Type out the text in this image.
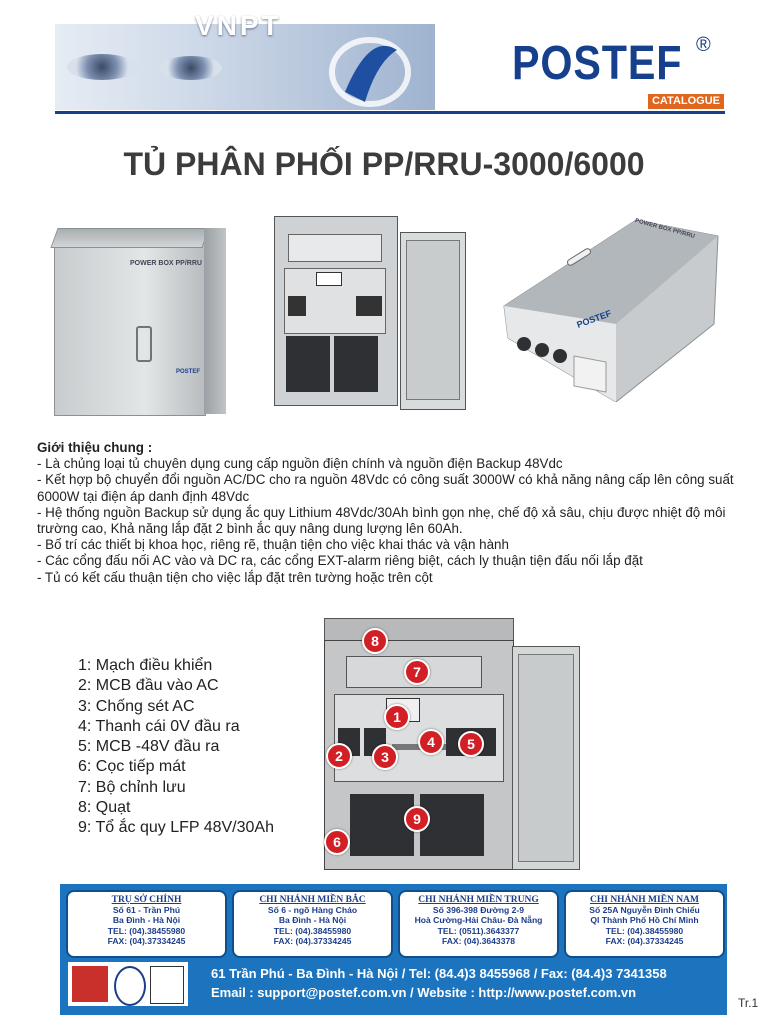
VNPT
POSTEF ®
CATALOGUE
TỦ PHÂN PHỐI PP/RRU-3000/6000
POWER BOX PP/RRU
POSTEF
POWER BOX PP/RRU
POSTEF
Giới thiệu chung :
- Là chủng loại tủ chuyên dụng cung cấp nguồn điện chính và nguồn điện Backup 48Vdc
- Kết hợp bộ chuyển đổi nguồn AC/DC cho ra nguồn 48Vdc có công suất 3000W có khả năng nâng cấp lên công suất 6000W tại điện áp danh định 48Vdc
- Hệ thống nguồn Backup sử dụng ắc quy Lithium 48Vdc/30Ah bình gọn nhẹ, chế độ xả sâu, chịu được nhiệt độ môi trường cao, Khả năng lắp đặt 2 bình ắc quy nâng dung lượng lên 60Ah.
- Bố trí các thiết bị khoa học, riêng rẽ, thuận tiện cho việc khai thác và vận hành
- Các cổng đấu nối AC vào và DC ra, các cổng EXT-alarm riêng biệt, cách ly thuận tiện đấu nối lắp đặt
- Tủ có kết cấu thuận tiện cho việc lắp đặt trên tường hoặc trên cột
1: Mạch điều khiển
2: MCB đầu vào AC
3: Chống sét AC
4: Thanh cái 0V đầu ra
5: MCB -48V đầu ra
6: Cọc tiếp mát
7: Bộ chỉnh lưu
8: Quạt
9: Tổ ắc quy LFP 48V/30Ah
8
7
1
4	5
2	3
9
6
TRỤ SỞ CHÍNH
Số 61 - Trần Phú
Ba Đình - Hà Nội
TEL: (04).38455980
FAX: (04).37334245
CHI NHÁNH MIỀN BẮC
Số 6 - ngõ Hàng Cháo
Ba Đình - Hà Nội
TEL: (04).38455980
FAX: (04).37334245
CHI NHÁNH MIỀN TRUNG
Số 396-398 Đường 2-9
Hoà Cường-Hải Châu- Đà Nẵng
TEL: (0511).3643377
FAX: (04).3643378
CHI NHÁNH MIỀN NAM
Số 25A Nguyễn Đình Chiểu
Ql Thành Phố Hồ Chí Minh
TEL: (04).38455980
FAX: (04).37334245
61 Trần Phú - Ba Đình - Hà Nội / Tel: (84.4)3 8455968 / Fax: (84.4)3 7341358
Email : support@postef.com.vn / Website : http://www.postef.com.vn
Tr.1
